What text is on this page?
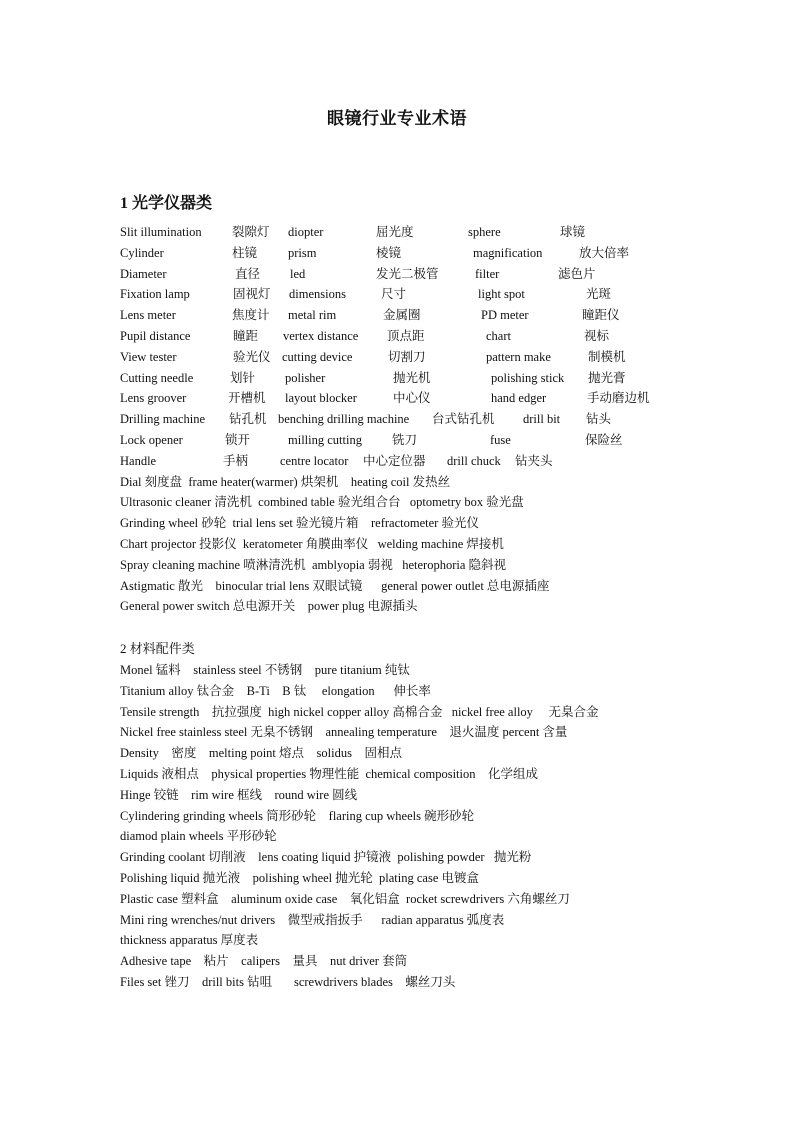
眼镜行业专业术语
1 光学仪器类
Slit illumination 裂隙灯 diopter	屈光度	sphere	球镜
Cylinder	柱镜 prism	棱镜	magnification	放大倍率
Diameter	直径 led	发光二极管	filter	滤色片
Fixation lamp	固视灯 dimensions	尺寸	light spot	光斑
Lens meter	焦度计 metal rim	金属圈	PD meter	瞳距仪
Pupil distance	瞳距 vertex distance 顶点距	chart	视标
View tester	验光仪 cutting device	切割刀	pattern make	制模机
Cutting needle	划针 polisher	抛光机	polishing stick 抛光膏
Lens groover	开槽机 layout blocker	中心仪	hand edger	手动磨边机
Drilling machine 钻孔机 benching drilling machine 台式钻孔机 drill bit 钻头
Lock opener	锁开	milling cutting 铣刀	fuse	保险丝
Handle	手柄	centre locator 中心定位器 drill chuck 钻夹头
Dial 刻度盘  frame heater(warmer) 烘架机    heating coil 发热丝
Ultrasonic cleaner 清洗机  combined table 验光组合台   optometry box 验光盘
Grinding wheel 砂轮  trial lens set 验光镜片箱    refractometer 验光仪
Chart projector 投影仪  keratometer 角膜曲率仪   welding machine 焊接机
Spray cleaning machine 喷淋清洗机  amblyopia 弱视   heterophoria 隐斜视
Astigmatic 散光    binocular trial lens 双眼试镜      general power outlet 总电源插座
General power switch 总电源开关    power plug 电源插头
2 材料配件类
Monel 锰料    stainless steel 不锈钢    pure titanium 纯钛
Titanium alloy 钛合金    B-Ti    B 钛     elongation      伸长率
Tensile strength    抗拉强度  high nickel copper alloy 高棉合金   nickel free alloy     无臬合金
Nickel free stainless steel 无臬不锈钢    annealing temperature    退火温度 percent 含量
Density    密度    melting point 熔点    solidus    固相点
Liquids 液相点    physical properties 物理性能  chemical composition    化学组成
Hinge 铰链    rim wire 框线    round wire 圆线
Cylindering grinding wheels 筒形砂轮    flaring cup wheels 碗形砂轮
diamod plain wheels 平形砂轮
Grinding coolant 切削液    lens coating liquid 护镜液  polishing powder   抛光粉
Polishing liquid 抛光液    polishing wheel 抛光轮  plating case 电镀盒
Plastic case 塑料盒    aluminum oxide case    氧化铝盒  rocket screwdrivers 六角螺丝刀
Mini ring wrenches/nut drivers    微型戒指扳手      radian apparatus 弧度表
thickness apparatus 厚度表
Adhesive tape    粘片    calipers    量具    nut driver 套筒
Files set 锉刀    drill bits 钻咀       screwdrivers blades    螺丝刀头
